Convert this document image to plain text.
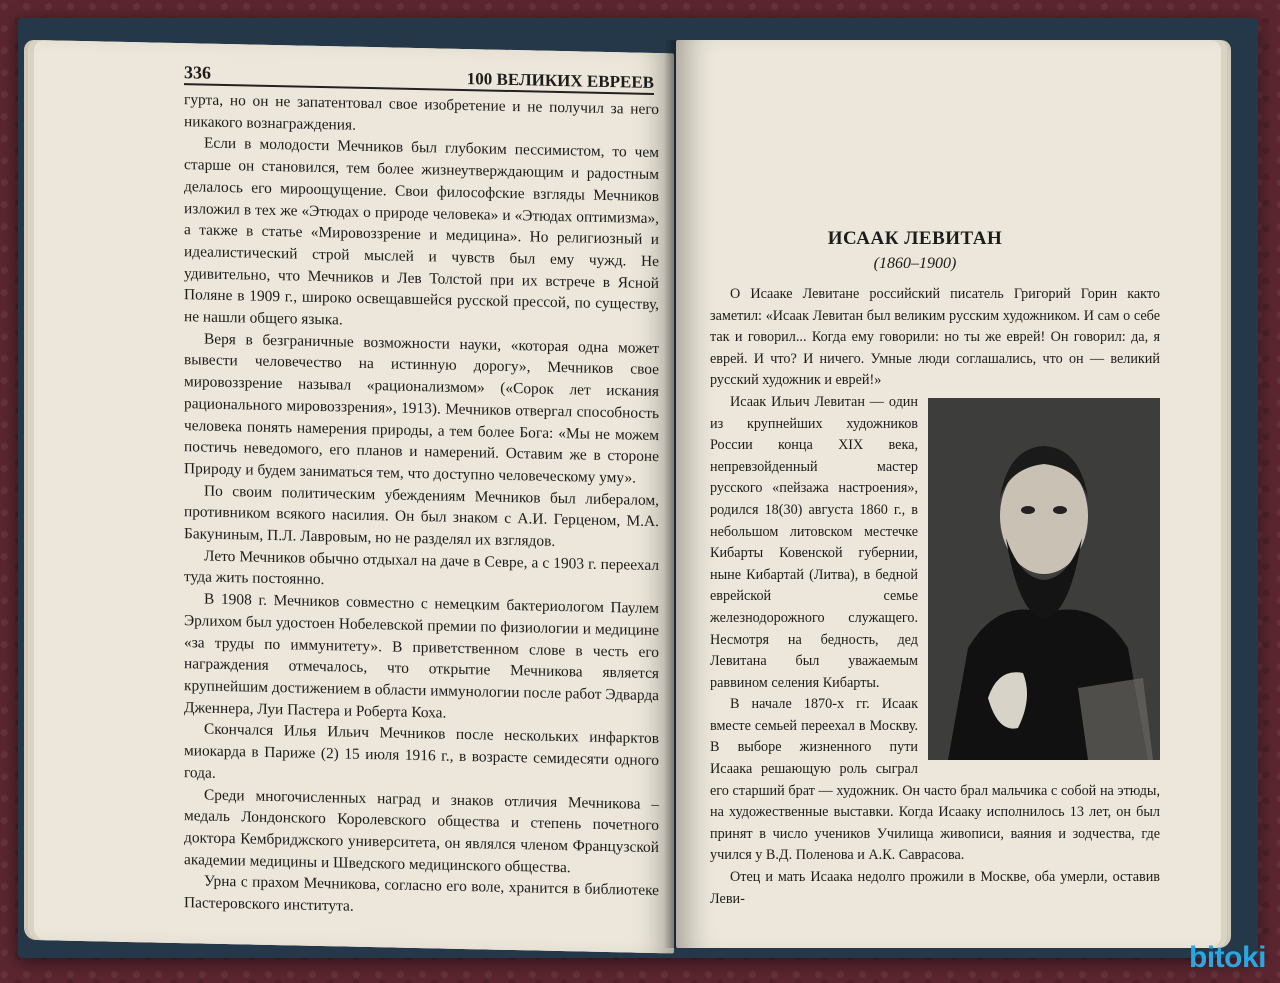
336	100 ВЕЛИКИХ ЕВРЕЕВ

гурта, но он не запатентовал свое изобретение и не получил за него никакого вознаграждения.

Если в молодости Мечников был глубоким пессимистом, то чем старше он становился, тем более жизнеутверждающим и радостным делалось его мироощущение. Свои философские взгляды Мечников изложил в тех же «Этюдах о природе человека» и «Этюдах оптимизма», а также в статье «Мировоззрение и медицина». Но религиозный и идеалистический строй мыслей и чувств был ему чужд. Не удивительно, что Мечников и Лев Толстой при их встрече в Ясной Поляне в 1909 г., широко освещавшейся русской прессой, по существу, не нашли общего языка.

Веря в безграничные возможности науки, «которая одна может вывести человечество на истинную дорогу», Мечников свое мировоззрение называл «рационализмом» («Сорок лет искания рационального мировоззрения», 1913). Мечников отвергал способность человека понять намерения природы, а тем более Бога: «Мы не можем постичь неведомого, его планов и намерений. Оставим же в стороне Природу и будем заниматься тем, что доступно человеческому уму».

По своим политическим убеждениям Мечников был либералом, противником всякого насилия. Он был знаком с А.И. Герценом, М.А. Бакуниным, П.Л. Лавровым, но не разделял их взглядов.

Лето Мечников обычно отдыхал на даче в Севре, а с 1903 г. переехал туда жить постоянно.

В 1908 г. Мечников совместно с немецким бактериологом Паулем Эрлихом был удостоен Нобелевской премии по физиологии и медицине «за труды по иммунитету». В приветственном слове в честь его награждения отмечалось, что открытие Мечникова является крупнейшим достижением в области иммунологии после работ Эдварда Дженнера, Луи Пастера и Роберта Коха.

Скончался Илья Ильич Мечников после нескольких инфарктов миокарда в Париже (2) 15 июля 1916 г., в возрасте семидесяти одного года.

Среди многочисленных наград и знаков отличия Мечникова – медаль Лондонского Королевского общества и степень почетного доктора Кембриджского университета, он являлся членом Французской академии медицины и Шведского медицинского общества.

Урна с прахом Мечникова, согласно его воле, хранится в библиотеке Пастеровского института.

ИСААК ЛЕВИТАН
(1860–1900)

О Исааке Левитане российский писатель Григорий Горин както заметил: «Исаак Левитан был великим русским художником. И сам о себе так и говорил... Когда ему говорили: но ты же еврей! Он говорил: да, я еврей. И что? И ничего. Умные люди соглашались, что он — великий русский художник и еврей!»

Исаак Ильич Левитан — один из крупнейших художников России конца XIX века, непревзойденный мастер русского «пейзажа настроения», родился 18(30) августа 1860 г., в небольшом литовском местечке Кибарты Ковенской губернии, ныне Кибартай (Литва), в бедной еврейской семье железнодорожного служащего. Несмотря на бедность, дед Левитана был уважаемым раввином селения Кибарты.

В начале 1870-х гг. Исаак вместе семьей переехал в Москву. В выборе жизненного пути Исаака решающую роль сыграл его старший брат — художник. Он часто брал мальчика с собой на этюды, на художественные выставки. Когда Исааку исполнилось 13 лет, он был принят в число учеников Училища живописи, ваяния и зодчества, где учился у В.Д. Поленова и А.К. Саврасова.

Отец и мать Исаака недолго прожили в Москве, оба умерли, оставив Леви-

bitoki
